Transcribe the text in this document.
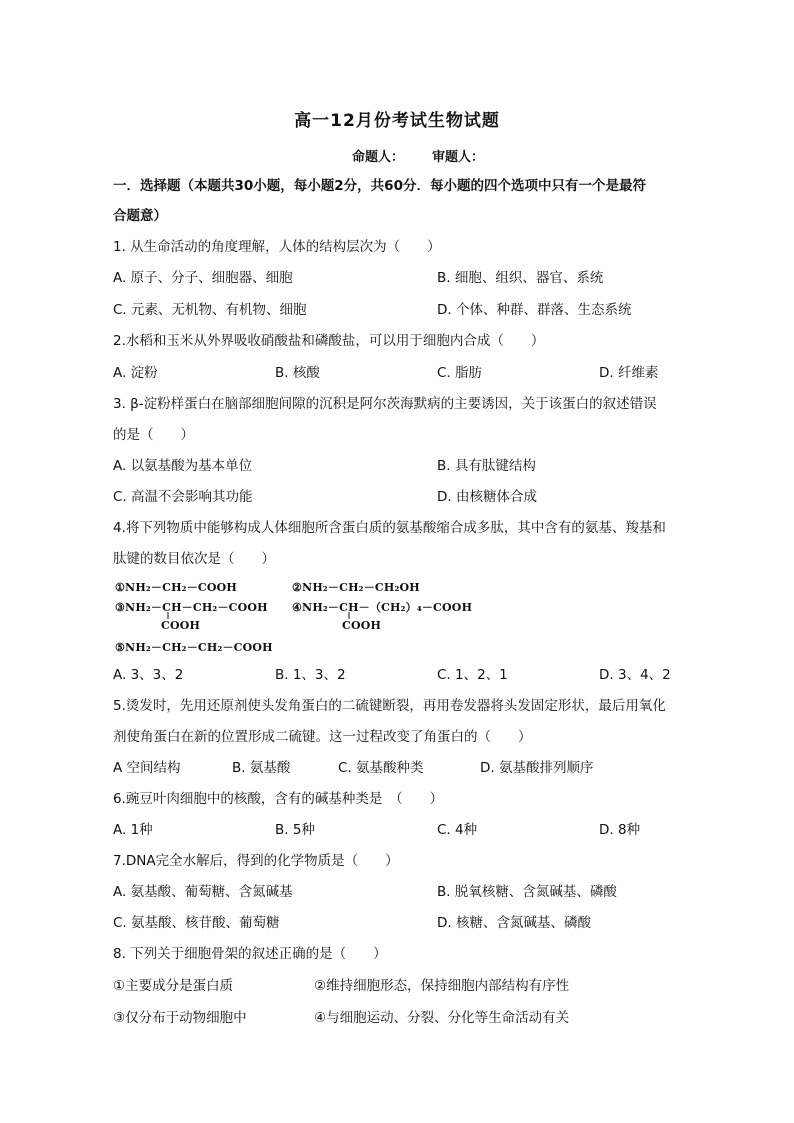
高一12月份考试生物试题
命题人： 审题人：
一．选择题（本题共30小题，每小题2分，共60分．每小题的四个选项中只有一个是最符
合题意）
1. 从生命活动的角度理解，人体的结构层次为（　　）
A. 原子、分子、细胞器、细胞	B. 细胞、组织、器官、系统
C. 元素、无机物、有机物、细胞	D. 个体、种群、群落、生态系统
2.水稻和玉米从外界吸收硝酸盐和磷酸盐，可以用于细胞内合成（　　）
A. 淀粉	B. 核酸	C. 脂肪	D. 纤维素
3. β-淀粉样蛋白在脑部细胞间隙的沉积是阿尔茨海默病的主要诱因，关于该蛋白的叙述错误
的是（　　）
A. 以氨基酸为基本单位	B. 具有肽键结构
C. 高温不会影响其功能	D. 由核糖体合成
4.将下列物质中能够构成人体细胞所含蛋白质的氨基酸缩合成多肽，其中含有的氨基、羧基和
肽键的数目依次是（　　）
①NH₂－CH₂－COOH	②NH₂－CH₂－CH₂OH
③NH₂－CH－CH₂－COOH ④NH₂－CH－（CH₂）₄－COOH
COOH	COOH
⑤NH₂－CH₂－CH₂－COOH
A. 3、3、2	B. 1、3、2	C. 1、2、1	D. 3、4、2
5.烫发时，先用还原剂使头发角蛋白的二硫键断裂，再用卷发器将头发固定形状，最后用氧化
剂使角蛋白在新的位置形成二硫键。这一过程改变了角蛋白的（　　）
A 空间结构	B. 氨基酸	C. 氨基酸种类	D. 氨基酸排列顺序
6.豌豆叶肉细胞中的核酸，含有的碱基种类是　（　　）
A. 1种	B. 5种	C. 4种	D. 8种
7.DNA完全水解后，得到的化学物质是（　　）
A. 氨基酸、葡萄糖、含氮碱基	B. 脱氧核糖、含氮碱基、磷酸
C. 氨基酸、核苷酸、葡萄糖	D. 核糖、含氮碱基、磷酸
8. 下列关于细胞骨架的叙述正确的是（　　）
①主要成分是蛋白质	②维持细胞形态，保持细胞内部结构有序性
③仅分布于动物细胞中	④与细胞运动、分裂、分化等生命活动有关
